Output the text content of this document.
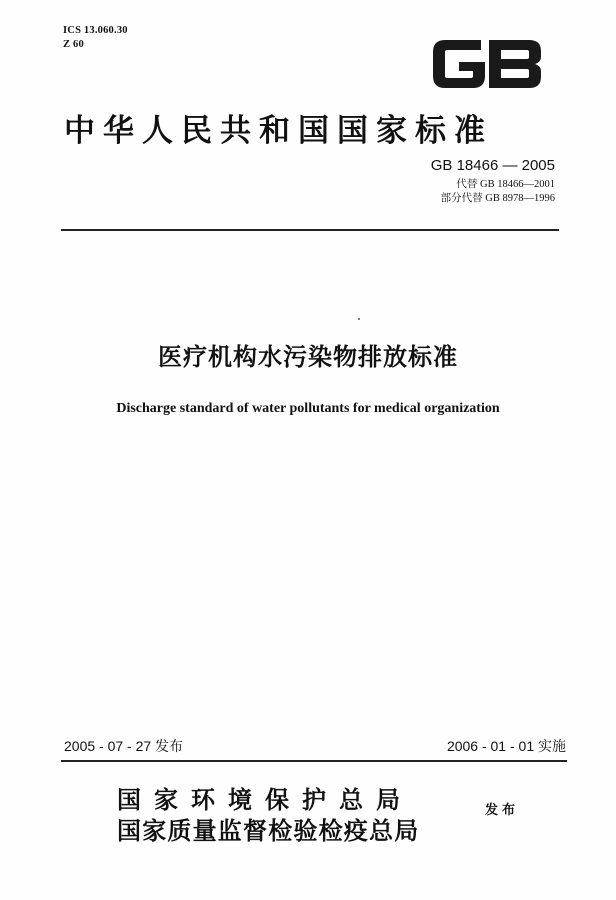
ICS 13.060.30
Z 60
中华人民共和国国家标准
GB 18466 — 2005
代替 GB 18466—2001
部分代替 GB 8978—1996
医疗机构水污染物排放标准
Discharge standard of water pollutants for medical organization
2005 - 07 - 27 发布	2006 - 01 - 01 实施
国家环境保护总局
国家质量监督检验检疫总局
发布
